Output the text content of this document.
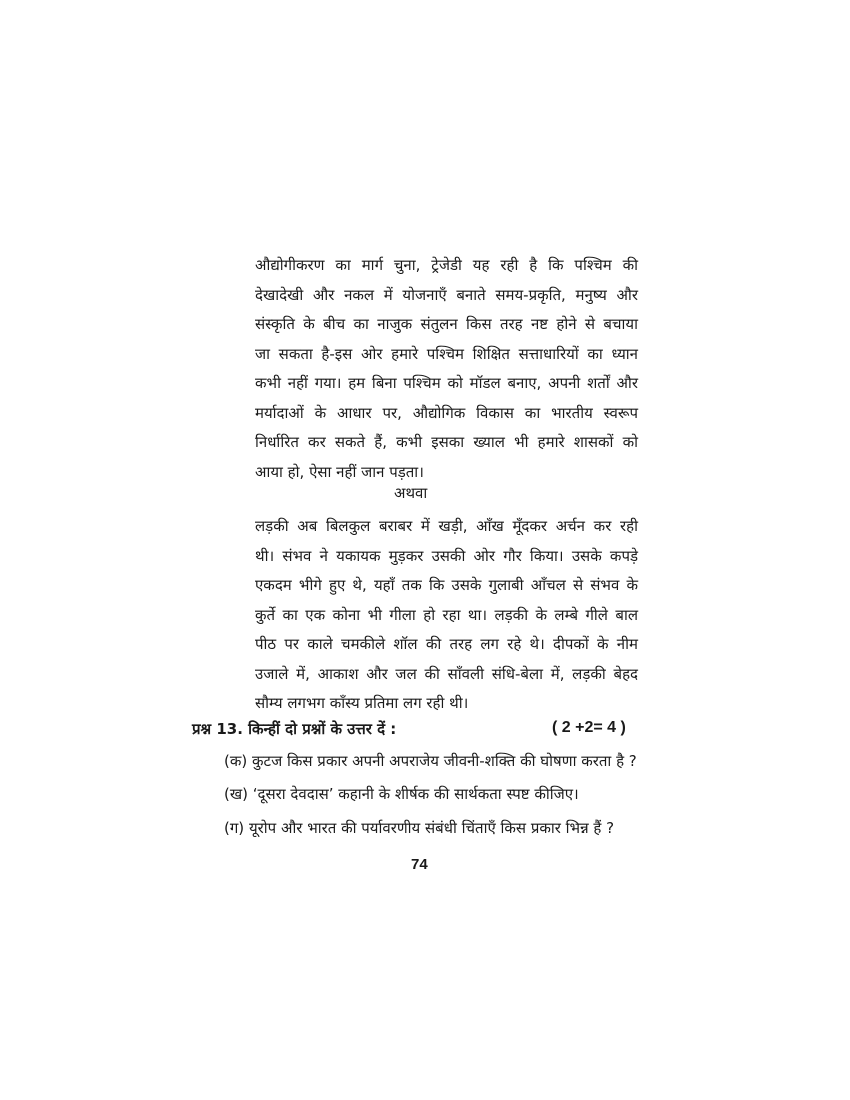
औद्योगीकरण का मार्ग चुना, ट्रेजेडी यह रही है कि पश्चिम की
देखादेखी और नकल में योजनाएँ बनाते समय-प्रकृति, मनुष्य और
संस्कृति के बीच का नाजुक संतुलन किस तरह नष्ट होने से बचाया
जा सकता है-इस ओर हमारे पश्चिम शिक्षित सत्ताधारियों का ध्यान
कभी नहीं गया। हम बिना पश्चिम को मॉडल बनाए, अपनी शर्तों और
मर्यादाओं के आधार पर, औद्योगिक विकास का भारतीय स्वरूप
निर्धारित कर सकते हैं, कभी इसका ख्याल भी हमारे शासकों को
आया हो, ऐसा नहीं जान पड़ता।
अथवा
लड़की अब बिलकुल बराबर में खड़ी, आँख मूँदकर अर्चन कर रही
थी। संभव ने यकायक मुड़कर उसकी ओर गौर किया। उसके कपड़े
एकदम भीगे हुए थे, यहाँ तक कि उसके गुलाबी आँचल से संभव के
कुर्ते का एक कोना भी गीला हो रहा था। लड़की के लम्बे गीले बाल
पीठ पर काले चमकीले शॉल की तरह लग रहे थे। दीपकों के नीम
उजाले में, आकाश और जल की साँवली संधि-बेला में, लड़की बेहद
सौम्य लगभग काँस्य प्रतिमा लग रही थी।
प्रश्न 13. किन्हीं दो प्रश्नों के उत्तर दें :	( 2 +2= 4 )
(क) कुटज किस प्रकार अपनी अपराजेय जीवनी-शक्ति की घोषणा करता है ?
(ख) ‘दूसरा देवदास’ कहानी के शीर्षक की सार्थकता स्पष्ट कीजिए।
(ग) यूरोप और भारत की पर्यावरणीय संबंधी चिंताएँ किस प्रकार भिन्न हैं ?
74
